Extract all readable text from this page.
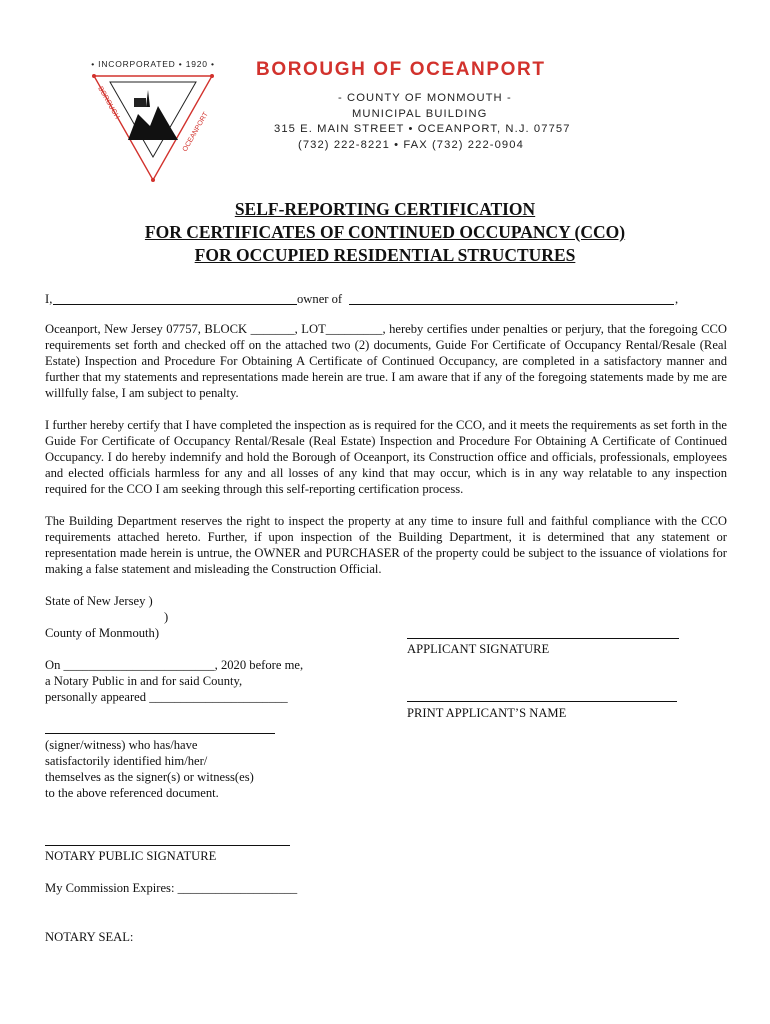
• INCORPORATED • 1920 •
BOROUGH
OCEANPORT
BOROUGH OF OCEANPORT
- COUNTY OF MONMOUTH -
MUNICIPAL BUILDING
315 E. MAIN STREET • OCEANPORT, N.J. 07757
(732) 222-8221 • FAX (732) 222-0904
SELF-REPORTING CERTIFICATION
FOR CERTIFICATES OF CONTINUED OCCUPANCY (CCO)
FOR OCCUPIED RESIDENTIAL STRUCTURES
I,	owner of	,
Oceanport, New Jersey 07757, BLOCK _______, LOT_________, hereby certifies under penalties or perjury, that the foregoing CCO requirements set forth and checked off on the attached two (2) documents, Guide For Certificate of Occupancy Rental/Resale (Real Estate) Inspection and Procedure For Obtaining A Certificate of Continued Occupancy, are completed in a satisfactory manner and further that my statements and representations made herein are true. I am aware that if any of the foregoing statements made by me are willfully false, I am subject to penalty.
I further hereby certify that I have completed the inspection as is required for the CCO, and it meets the requirements as set forth in the Guide For Certificate of Occupancy Rental/Resale (Real Estate) Inspection and Procedure For Obtaining A Certificate of Continued Occupancy. I do hereby indemnify and hold the Borough of Oceanport, its Construction office and officials, professionals, employees and elected officials harmless for any and all losses of any kind that may occur, which is in any way relatable to any inspection required for the CCO I am seeking through this self-reporting certification process.
The Building Department reserves the right to inspect the property at any time to insure full and faithful compliance with the CCO requirements attached hereto. Further, if upon inspection of the Building Department, it is determined that any statement or representation made herein is untrue, the OWNER and PURCHASER of the property could be subject to the issuance of violations for making a false statement and misleading the Construction Official.
State of New Jersey )
)
County of Monmouth)
On ________________________, 2020 before me,
a Notary Public in and for said County,
personally appeared ______________________
(signer/witness) who has/have
satisfactorily identified him/her/
themselves as the signer(s) or witness(es)
to the above referenced document.
NOTARY PUBLIC SIGNATURE
My Commission Expires: ___________________
NOTARY SEAL:
APPLICANT SIGNATURE
PRINT APPLICANT’S NAME
